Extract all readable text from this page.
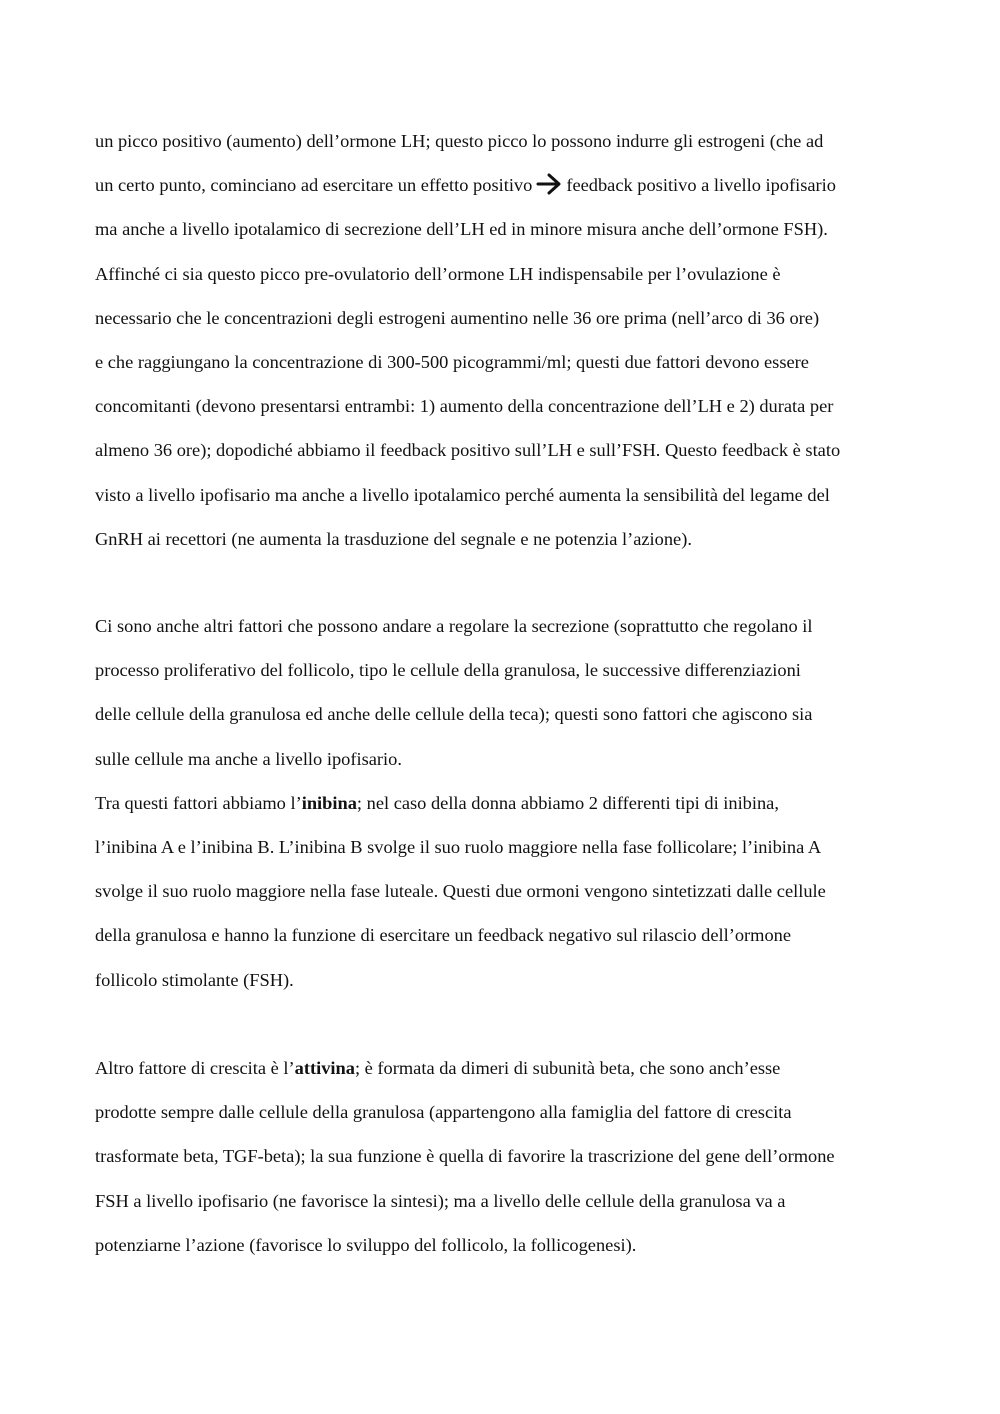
un picco positivo (aumento) dell’ormone LH; questo picco lo possono indurre gli estrogeni (che ad
un certo punto, cominciano ad esercitare un effetto positivo feedback positivo a livello ipofisario
ma anche a livello ipotalamico di secrezione dell’LH ed in minore misura anche dell’ormone FSH).
Affinché ci sia questo picco pre-ovulatorio dell’ormone LH indispensabile per l’ovulazione è
necessario che le concentrazioni degli estrogeni aumentino nelle 36 ore prima (nell’arco di 36 ore)
e che raggiungano la concentrazione di 300-500 picogrammi/ml; questi due fattori devono essere
concomitanti (devono presentarsi entrambi: 1) aumento della concentrazione dell’LH e 2) durata per
almeno 36 ore); dopodiché abbiamo il feedback positivo sull’LH e sull’FSH. Questo feedback è stato
visto a livello ipofisario ma anche a livello ipotalamico perché aumenta la sensibilità del legame del
GnRH ai recettori (ne aumenta la trasduzione del segnale e ne potenzia l’azione).
Ci sono anche altri fattori che possono andare a regolare la secrezione (soprattutto che regolano il
processo proliferativo del follicolo, tipo le cellule della granulosa, le successive differenziazioni
delle cellule della granulosa ed anche delle cellule della teca); questi sono fattori che agiscono sia
sulle cellule ma anche a livello ipofisario.
Tra questi fattori abbiamo l’inibina; nel caso della donna abbiamo 2 differenti tipi di inibina,
l’inibina A e l’inibina B. L’inibina B svolge il suo ruolo maggiore nella fase follicolare; l’inibina A
svolge il suo ruolo maggiore nella fase luteale. Questi due ormoni vengono sintetizzati dalle cellule
della granulosa e hanno la funzione di esercitare un feedback negativo sul rilascio dell’ormone
follicolo stimolante (FSH).
Altro fattore di crescita è l’attivina; è formata da dimeri di subunità beta, che sono anch’esse
prodotte sempre dalle cellule della granulosa (appartengono alla famiglia del fattore di crescita
trasformate beta, TGF-beta); la sua funzione è quella di favorire la trascrizione del gene dell’ormone
FSH a livello ipofisario (ne favorisce la sintesi); ma a livello delle cellule della granulosa va a
potenziarne l’azione (favorisce lo sviluppo del follicolo, la follicogenesi).
